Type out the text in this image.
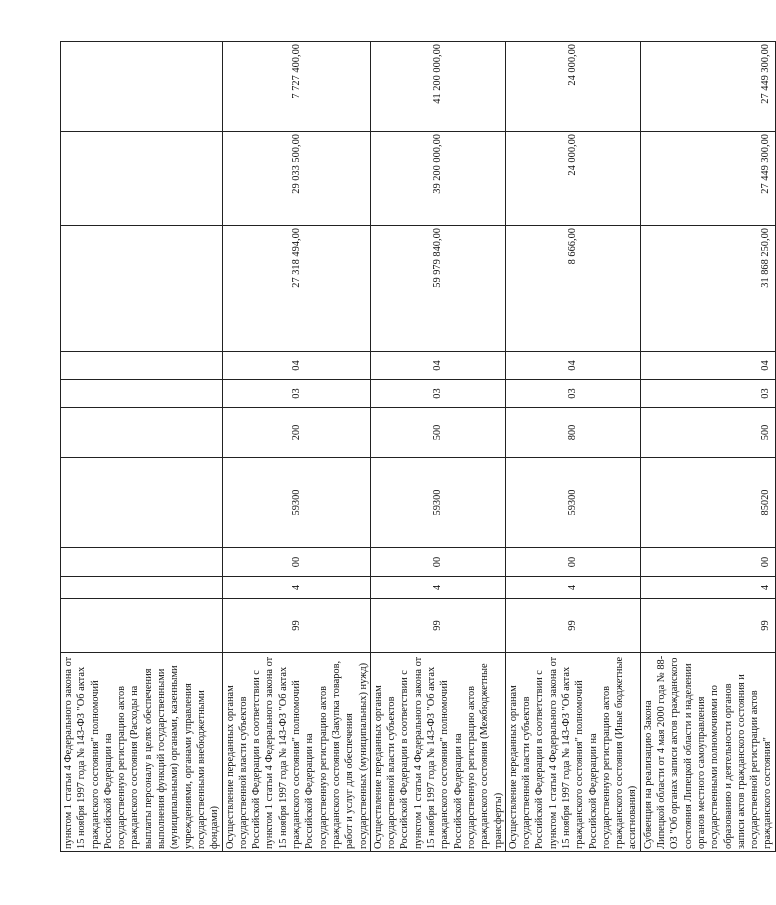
пунктом 1 статьи 4 Федерального закона от 15 ноября 1997 года № 143-ФЗ "Об актах гражданского состояния" полномочий Российской Федерации на государственную регистрацию актов гражданского состояния (Расходы на выплаты персоналу в целях обеспечения выполнения функций государственными (муниципальными) органами, казенными учреждениями, органами управления государственными внебюджетными фондами)										
Осуществление переданных органам государственной власти субъектов Российской Федерации в соответствии с пунктом 1 статьи 4 Федерального закона от 15 ноября 1997 года № 143-ФЗ "Об актах гражданского состояния" полномочий Российской Федерации на государственную регистрацию актов гражданского состояния (Закупка товаров, работ и услуг для обеспечения государственных (муниципальных) нужд)	99	4	00	59300	200	03	04	27 318 494,00	29 033 500,00	7 727 400,00
Осуществление переданных органам государственной власти субъектов Российской Федерации в соответствии с пунктом 1 статьи 4 Федерального закона от 15 ноября 1997 года № 143-ФЗ "Об актах гражданского состояния" полномочий Российской Федерации на государственную регистрацию актов гражданского состояния (Межбюджетные трансферты)	99	4	00	59300	500	03	04	59 979 840,00	39 200 000,00	41 200 000,00
Осуществление переданных органам государственной власти субъектов Российской Федерации в соответствии с пунктом 1 статьи 4 Федерального закона от 15 ноября 1997 года № 143-ФЗ "Об актах гражданского состояния" полномочий Российской Федерации на государственную регистрацию актов гражданского состояния (Иные бюджетные ассигнования)	99	4	00	59300	800	03	04	8 666,00	24 000,00	24 000,00
Субвенция на реализацию Закона Липецкой области от 4 мая 2000 года № 88-ОЗ "Об органах записи актов гражданского состояния Липецкой области и наделении органов местного самоуправления государственными полномочиями по образованию и деятельности органов записи актов гражданского состояния и государственной регистрации актов гражданского состояния"	99	4	00	85020	500	03	04	31 868 250,00	27 449 300,00	27 449 300,00
